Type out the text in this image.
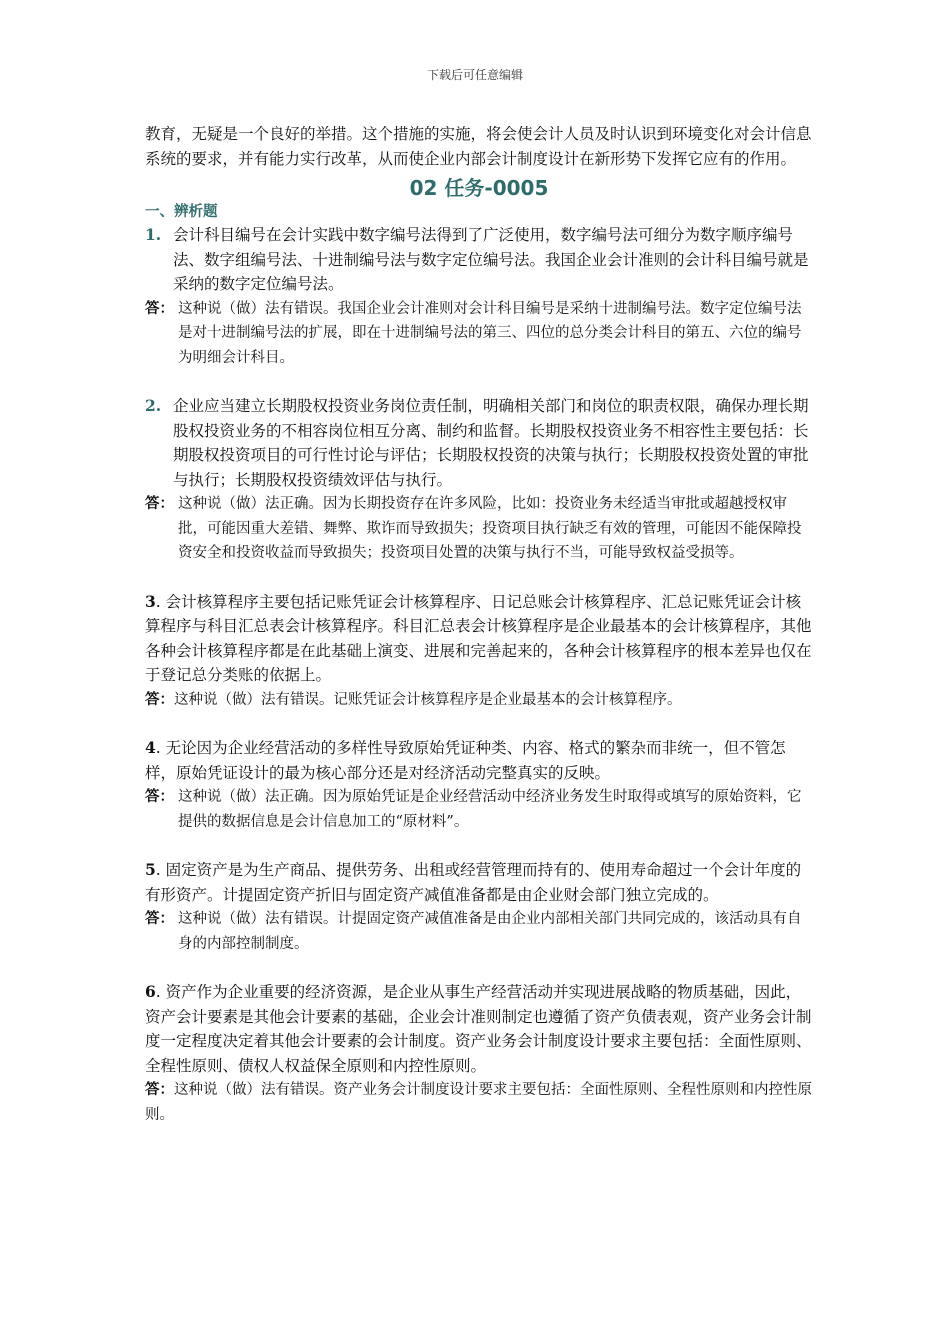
下载后可任意编辑

教育，无疑是一个良好的举措。这个措施的实施，将会使会计人员及时认识到环境变化对会计信息系统的要求，并有能力实行改革，从而使企业内部会计制度设计在新形势下发挥它应有的作用。

02 任务-0005

一、辨析题

1. 会计科目编号在会计实践中数字编号法得到了广泛使用，数字编号法可细分为数字顺序编号法、数字组编号法、十进制编号法与数字定位编号法。我国企业会计准则的会计科目编号就是采纳的数字定位编号法。

答： 这种说（做）法有错误。我国企业会计准则对会计科目编号是采纳十进制编号法。数字定位编号法是对十进制编号法的扩展，即在十进制编号法的第三、四位的总分类会计科目的第五、六位的编号为明细会计科目。

2. 企业应当建立长期股权投资业务岗位责任制，明确相关部门和岗位的职责权限，确保办理长期股权投资业务的不相容岗位相互分离、制约和监督。长期股权投资业务不相容性主要包括：长期股权投资项目的可行性讨论与评估；长期股权投资的决策与执行；长期股权投资处置的审批与执行；长期股权投资绩效评估与执行。

答： 这种说（做）法正确。因为长期投资存在许多风险，比如：投资业务未经适当审批或超越授权审批，可能因重大差错、舞弊、欺诈而导致损失；投资项目执行缺乏有效的管理，可能因不能保障投资安全和投资收益而导致损失；投资项目处置的决策与执行不当，可能导致权益受损等。

3. 会计核算程序主要包括记账凭证会计核算程序、日记总账会计核算程序、汇总记账凭证会计核算程序与科目汇总表会计核算程序。科目汇总表会计核算程序是企业最基本的会计核算程序，其他各种会计核算程序都是在此基础上演变、进展和完善起来的，各种会计核算程序的根本差异也仅在于登记总分类账的依据上。

答：这种说（做）法有错误。记账凭证会计核算程序是企业最基本的会计核算程序。

4. 无论因为企业经营活动的多样性导致原始凭证种类、内容、格式的繁杂而非统一，但不管怎样，原始凭证设计的最为核心部分还是对经济活动完整真实的反映。

答： 这种说（做）法正确。因为原始凭证是企业经营活动中经济业务发生时取得或填写的原始资料，它提供的数据信息是会计信息加工的“原材料”。

5. 固定资产是为生产商品、提供劳务、出租或经营管理而持有的、使用寿命超过一个会计年度的有形资产。计提固定资产折旧与固定资产减值准备都是由企业财会部门独立完成的。

答： 这种说（做）法有错误。计提固定资产减值准备是由企业内部相关部门共同完成的，该活动具有自身的内部控制制度。

6. 资产作为企业重要的经济资源，是企业从事生产经营活动并实现进展战略的物质基础，因此，资产会计要素是其他会计要素的基础，企业会计准则制定也遵循了资产负债表观，资产业务会计制度一定程度决定着其他会计要素的会计制度。资产业务会计制度设计要求主要包括：全面性原则、全程性原则、债权人权益保全原则和内控性原则。

答：这种说（做）法有错误。资产业务会计制度设计要求主要包括：全面性原则、全程性原则和内控性原则。
